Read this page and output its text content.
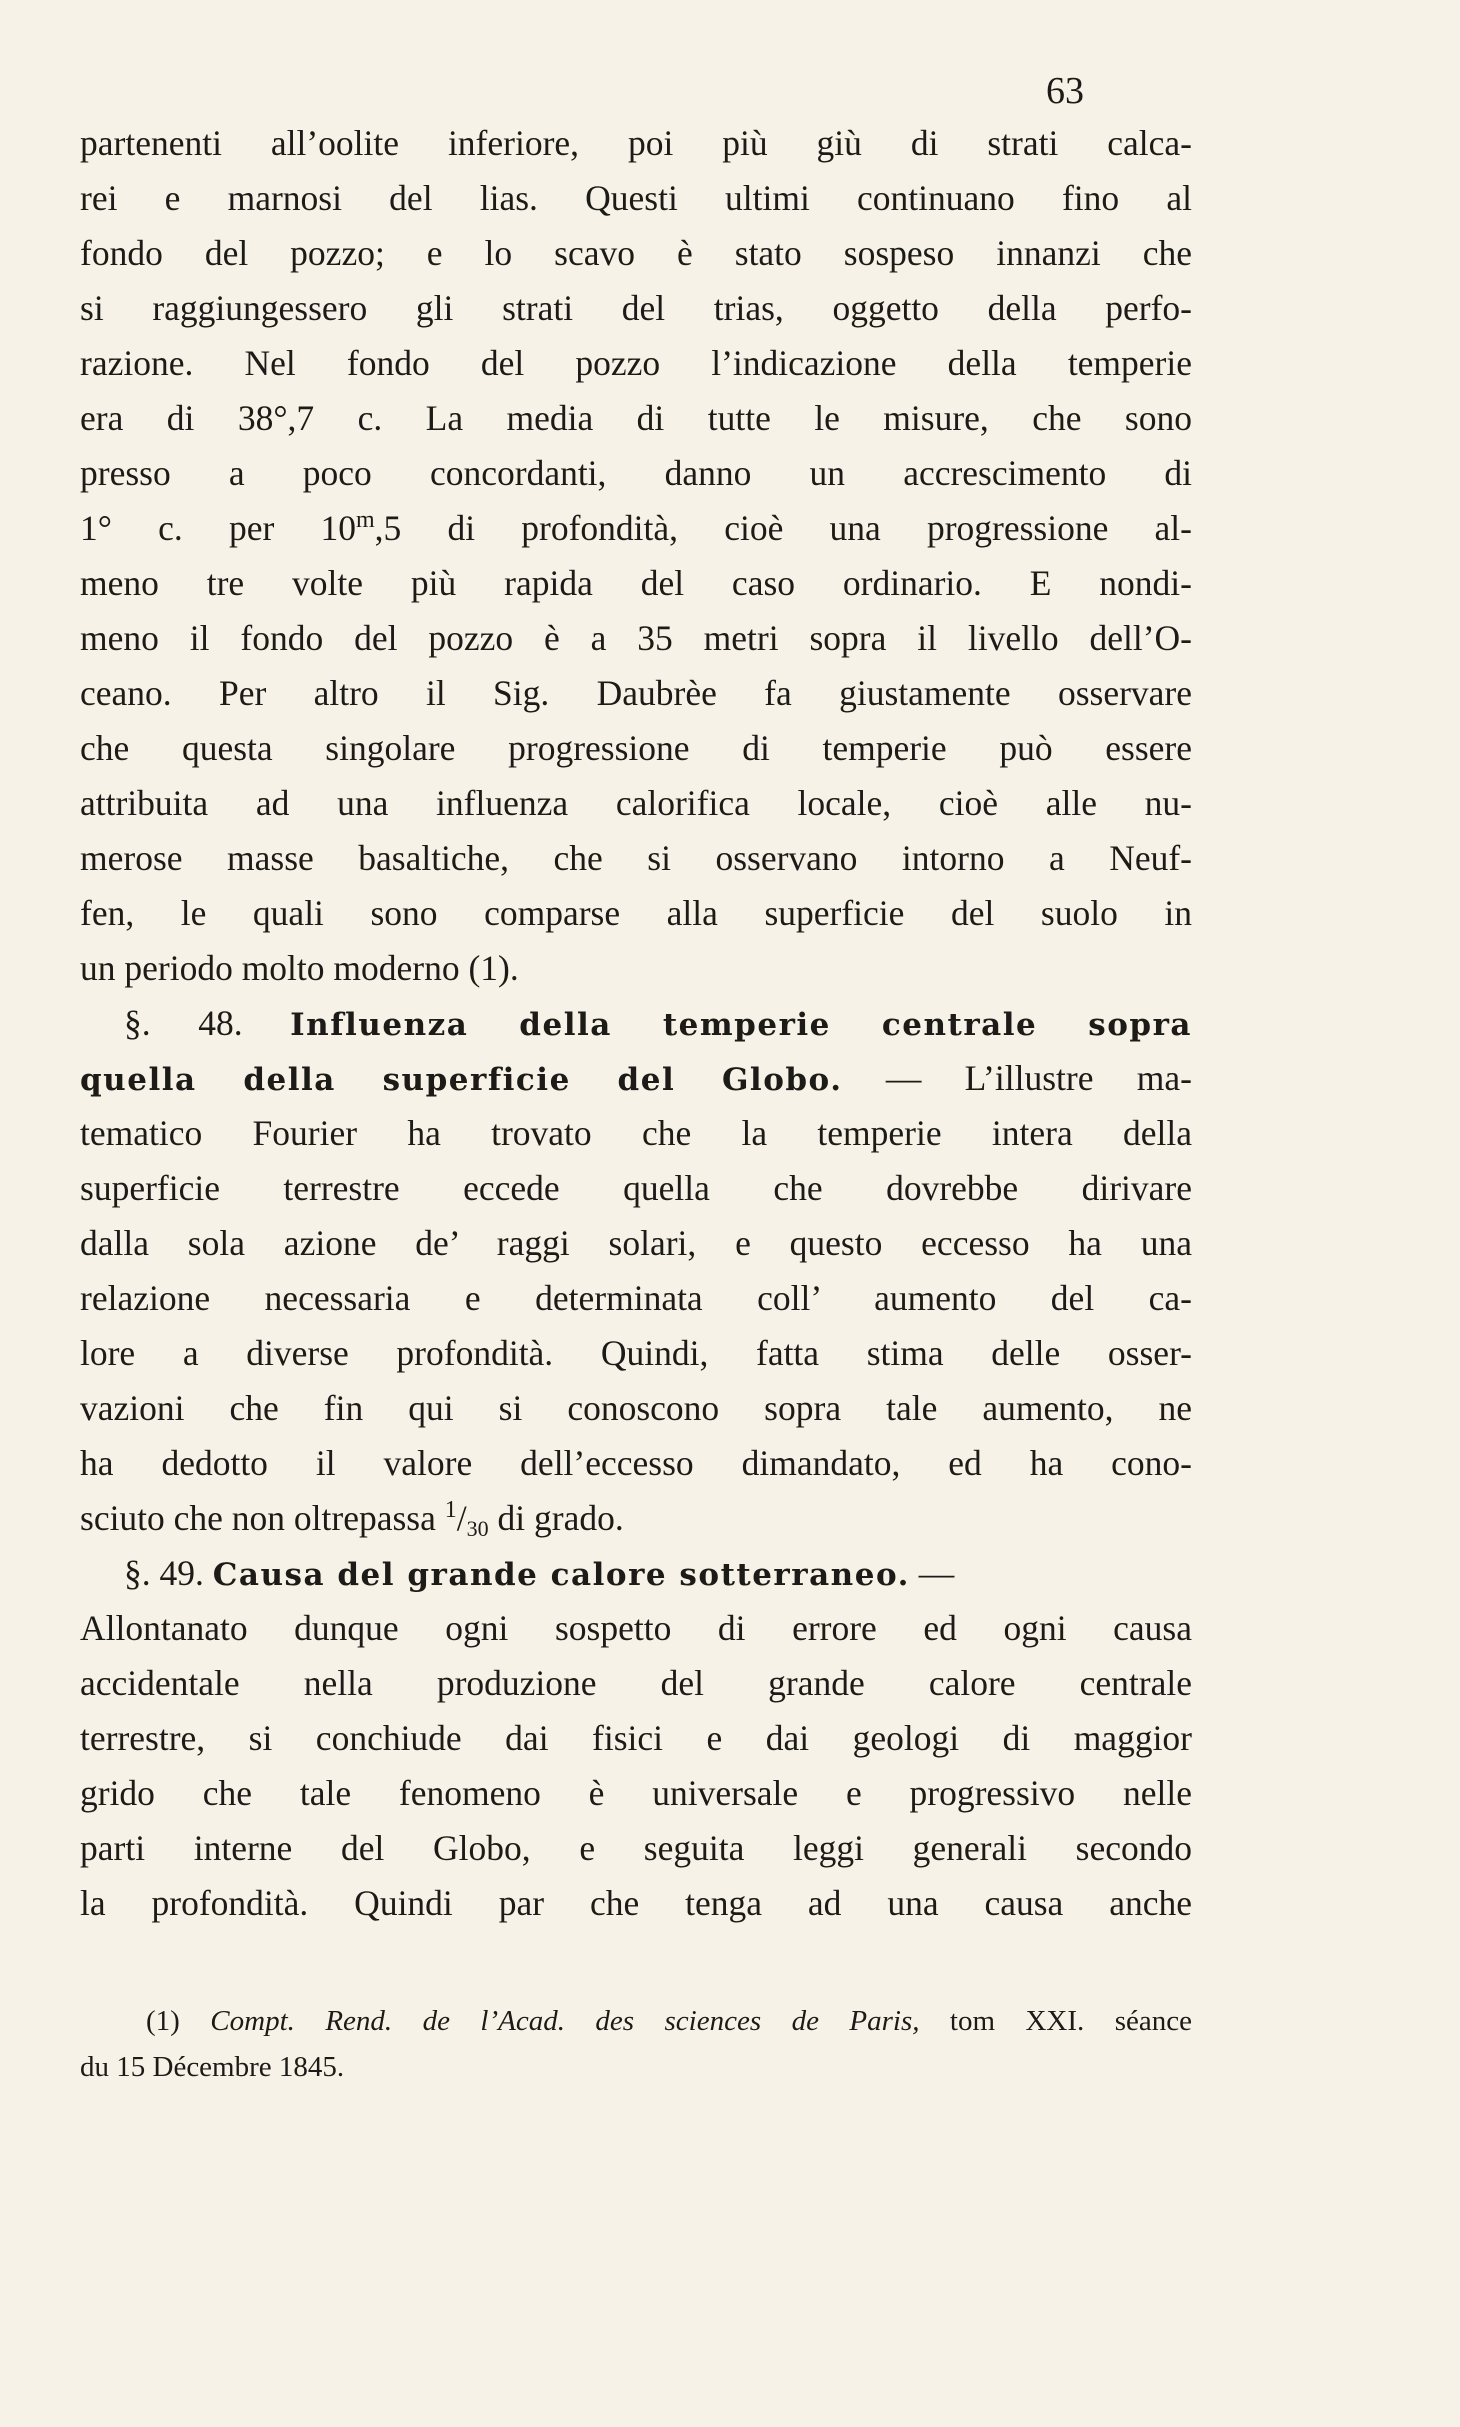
63
partenenti all’oolite inferiore, poi più giù di strati calca-
rei e marnosi del lias. Questi ultimi continuano fino al
fondo del pozzo; e lo scavo è stato sospeso innanzi che
si raggiungessero gli strati del trias, oggetto della perfo-
razione. Nel fondo del pozzo l’indicazione della temperie
era di 38°,7 c. La media di tutte le misure, che sono
presso a poco concordanti, danno un accrescimento di
1° c. per 10$^m$,5 di profondità, cioè una progressione al-
meno tre volte più rapida del caso ordinario. E nondi-
meno il fondo del pozzo è a 35 metri sopra il livello dell’O-
ceano. Per altro il Sig. Daubrèe fa giustamente osservare
che questa singolare progressione di temperie può essere
attribuita ad una influenza calorifica locale, cioè alle nu-
merose masse basaltiche, che si osservano intorno a Neuf-
fen, le quali sono comparse alla superficie del suolo in
un periodo molto moderno (1).
§. 48. Influenza della temperie centrale sopra
quella della superficie del Globo. — L’illustre ma-
tematico Fourier ha trovato che la temperie intera della
superficie terrestre eccede quella che dovrebbe dirivare
dalla sola azione de’ raggi solari, e questo eccesso ha una
relazione necessaria e determinata coll’ aumento del ca-
lore a diverse profondità. Quindi, fatta stima delle osser-
vazioni che fin qui si conoscono sopra tale aumento, ne
ha dedotto il valore dell’eccesso dimandato, ed ha cono-
sciuto che non oltrepassa $^1$/30 di grado.
§. 49. Causa del grande calore sotterraneo. —
Allontanato dunque ogni sospetto di errore ed ogni causa
accidentale nella produzione del grande calore centrale
terrestre, si conchiude dai fisici e dai geologi di maggior
grido che tale fenomeno è universale e progressivo nelle
parti interne del Globo, e seguita leggi generali secondo
la profondità. Quindi par che tenga ad una causa anche
(1) Compt. Rend. de l’Acad. des sciences de Paris, tom XXI. séance
du 15 Décembre 1845.
